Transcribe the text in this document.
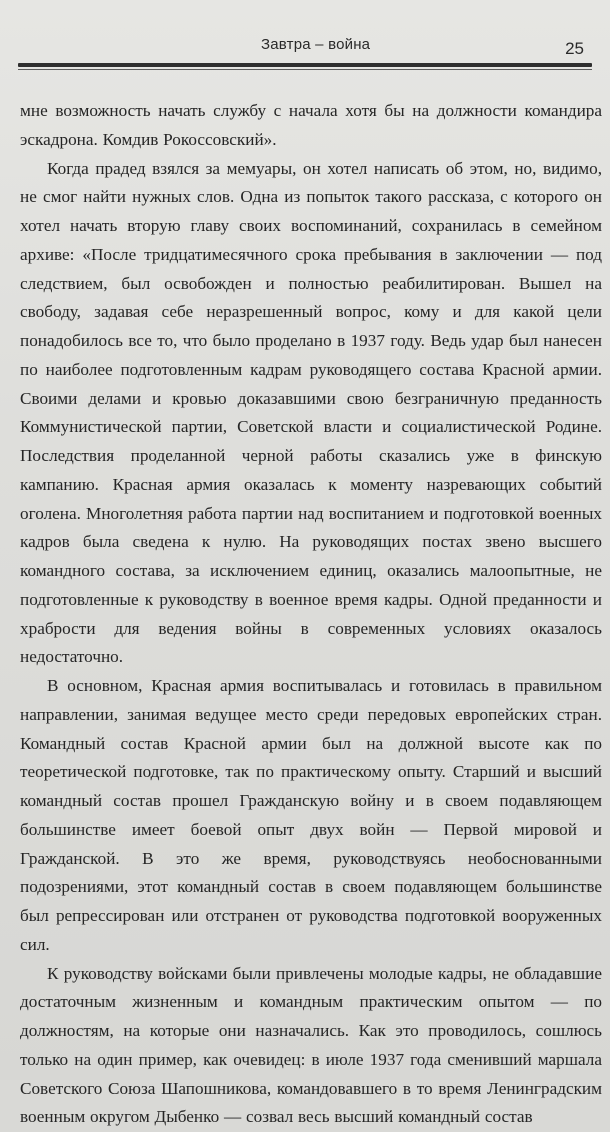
Завтра – война	25

мне возможность начать службу с начала хотя бы на должности командира эскадрона. Комдив Рокоссовский».

Когда прадед взялся за мемуары, он хотел написать об этом, но, видимо, не смог найти нужных слов. Одна из попыток такого рассказа, с которого он хотел начать вторую главу своих воспоминаний, сохранилась в семейном архиве: «После тридцатимесячного срока пребывания в заключении — под следствием, был освобожден и полностью реабилитирован. Вышел на свободу, задавая себе неразрешенный вопрос, кому и для какой цели понадобилось все то, что было проделано в 1937 году. Ведь удар был нанесен по наиболее подготовленным кадрам руководящего состава Красной армии. Своими делами и кровью доказавшими свою безграничную преданность Коммунистической партии, Советской власти и социалистической Родине. Последствия проделанной черной работы сказались уже в финскую кампанию. Красная армия оказалась к моменту назревающих событий оголена. Многолетняя работа партии над воспитанием и подготовкой военных кадров была сведена к нулю. На руководящих постах звено высшего командного состава, за исключением единиц, оказались малоопытные, не подготовленные к руководству в военное время кадры. Одной преданности и храбрости для ведения войны в современных условиях оказалось недостаточно.

В основном, Красная армия воспитывалась и готовилась в правильном направлении, занимая ведущее место среди передовых европейских стран. Командный состав Красной армии был на должной высоте как по теоретической подготовке, так по практическому опыту. Старший и высший командный состав прошел Гражданскую войну и в своем подавляющем большинстве имеет боевой опыт двух войн — Первой мировой и Гражданской. В это же время, руководствуясь необоснованными подозрениями, этот командный состав в своем подавляющем большинстве был репрессирован или отстранен от руководства подготовкой вооруженных сил.

К руководству войсками были привлечены молодые кадры, не обладавшие достаточным жизненным и командным практическим опытом — по должностям, на которые они назначались. Как это проводилось, сошлюсь только на один пример, как очевидец: в июле 1937 года сменивший маршала Советского Союза Шапошникова, командовавшего в то время Ленинградским военным округом Дыбенко — созвал весь высший командный состав
